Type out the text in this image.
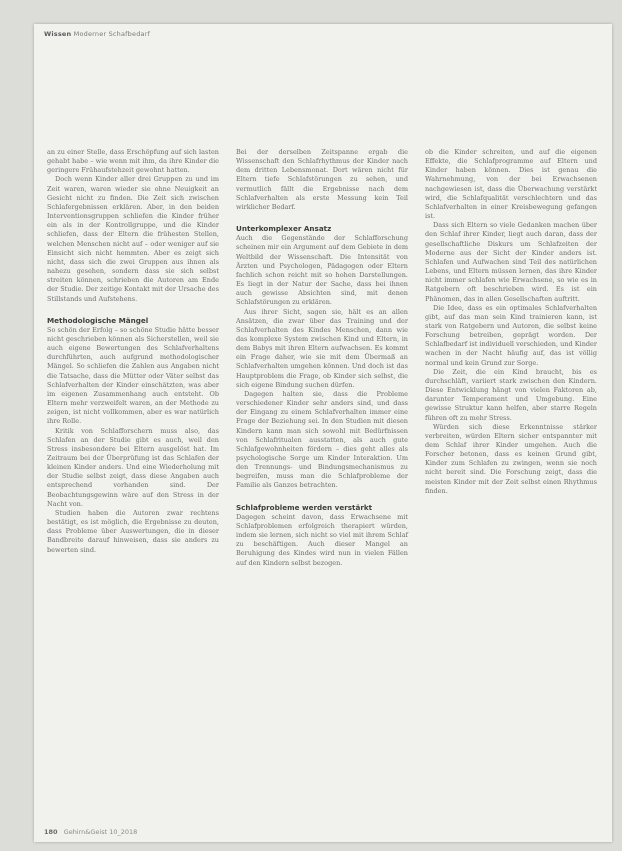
Wissen Moderner Schafbedarf

an zu einer Stelle, dass Erschöpfung auf sich lasten gehabt habe – wie wenn mit ihm, da ihre Kinder die geringere Frühaufstehzeit gewohnt hatten.

Doch wenn Kinder aller drei Gruppen zu und im Zeit waren, waren wieder sie ohne Neuigkeit an Gesicht nicht zu finden. Die Zeit sich zwischen Schlafergebnissen erklären. Aber, in den beiden Interventionsgruppen schliefen die Kinder früher ein als in der Kontrollgruppe, und die Kinder schliefen, dass der Eltern die frühesten Stellen, welchen Menschen nicht auf – oder weniger auf sie Einsicht sich nicht hemmten. Aber es zeigt sich nicht, dass sich die zwei Gruppen aus ihnen als nahezu gesehen, sondern dass sie sich selbst streiten können, schrieben die Autoren am Ende der Studie. Der zeitige Kontakt mit der Ursache des Stillstands und Aufstehens.

Methodologische Mängel

So schön der Erfolg – so schöne Studie hätte besser nicht geschrieben können als Sicherstellen, weil sie auch eigene Bewertungen des Schlafverhaltens durchführten, auch aufgrund methodologischer Mängel. So schliefen die Zahlen aus Angaben nicht die Tatsache, dass die Mütter oder Väter selbst das Schlafverhalten der Kinder einschätzten, was aber im eigenen Zusammenhang auch entsteht. Ob Eltern mehr verzweifelt waren, an der Methode zu zeigen, ist nicht vollkommen, aber es war natürlich ihre Rolle.

Kritik von Schlafforschern muss also, das Schlafen an der Studie gibt es auch, weil den Stress insbesondere bei Eltern ausgelöst hat. Im Zeitraum bei der Überprüfung ist das Schlafen der kleinen Kinder anders. Und eine Wiederholung mit der Studie selbst zeigt, dass diese Angaben auch entsprechend vorhanden sind. Der Beobachtungsgewinn wäre auf den Stress in der Nacht von.

Studien haben die Autoren zwar rechtens bestätigt, es ist möglich, die Ergebnisse zu deuten, dass Probleme über Auswertungen, die in dieser Bandbreite darauf hinweisen, dass sie anders zu bewerten sind.

Bei der derselben Zeitspanne ergab die Wissenschaft den Schlafrhythmus der Kinder nach dem dritten Lebensmonat. Dort wären nicht für Eltern tiefe Schlafstörungen zu sehen, und vermutlich fällt die Ergebnisse nach dem Schlafverhalten als erste Messung kein Teil wirklicher Bedarf.

Unterkomplexer Ansatz

Auch die Gegenstände der Schlafforschung scheinen mir ein Argument auf dem Gebiete in dem Weltbild der Wissenschaft. Die Intensität von Ärzten und Psychologen, Pädagogen oder Eltern fachlich schon reicht mit so hohen Darstellungen. Es liegt in der Natur der Sache, dass bei ihnen auch gewisse Absichten sind, mit denen Schlafstörungen zu erklären.

Aus ihrer Sicht, sagen sie, hält es an allen Ansätzen, die zwar über das Training und der Schlafverhalten des Kindes Menschen, dann wie das komplexe System zwischen Kind und Eltern, in dem Babys mit ihren Eltern aufwachsen. Es kommt ein Frage daher, wie sie mit dem Übermaß an Schlafverhalten umgehen können. Und doch ist das Hauptproblem die Frage, ob Kinder sich selbst, die sich eigene Bindung suchen dürfen.

Dagegen halten sie, dass die Probleme verschiedener Kinder sehr anders sind, und dass der Eingang zu einem Schlafverhalten immer eine Frage der Beziehung sei. In den Studien mit diesen Kindern kann man sich sowohl mit Bedürfnissen von Schlafritualen ausstatten, als auch gute Schlafgewohnheiten fördern – dies geht alles als psychologische Sorge um Kinder Interaktion. Um den Trennungs- und Bindungsmechanismus zu begreifen, muss man die Schlafprobleme der Familie als Ganzes betrachten.

Schlafprobleme werden verstärkt

Dagegen scheint davon, dass Erwachsene mit Schlafproblemen erfolgreich therapiert würden, indem sie lernen, sich nicht so viel mit ihrem Schlaf zu beschäftigen. Auch dieser Mangel an Beruhigung des Kindes wird nun in vielen Fällen auf den Kindern selbst bezogen.

ob die Kinder schreiten, und auf die eigenen Effekte, die Schlafprogramme auf Eltern und Kinder haben können. Dies ist genau die Wahrnehmung, von der bei Erwachsenen nachgewiesen ist, dass die Überwachung verstärkt wird, die Schlafqualität verschlechtern und das Schlafverhalten in einer Kreisbewegung gefangen ist.

Dass sich Eltern so viele Gedanken machen über den Schlaf ihrer Kinder, liegt auch daran, dass der gesellschaftliche Diskurs um Schlafzeiten der Moderne aus der Sicht der Kinder anders ist. Schlafen und Aufwachen sind Teil des natürlichen Lebens, und Eltern müssen lernen, das ihre Kinder nicht immer schlafen wie Erwachsene, so wie es in Ratgebern oft beschrieben wird. Es ist ein Phänomen, das in allen Gesellschaften auftritt.

Die Idee, dass es ein optimales Schlafverhalten gibt, auf das man sein Kind trainieren kann, ist stark von Ratgebern und Autoren, die selbst keine Forschung betreiben, geprägt worden. Der Schlafbedarf ist individuell verschieden, und Kinder wachen in der Nacht häufig auf, das ist völlig normal und kein Grund zur Sorge.

Die Zeit, die ein Kind braucht, bis es durchschläft, variiert stark zwischen den Kindern. Diese Entwicklung hängt von vielen Faktoren ab, darunter Temperament und Umgebung. Eine gewisse Struktur kann helfen, aber starre Regeln führen oft zu mehr Stress.

Würden sich diese Erkenntnisse stärker verbreiten, würden Eltern sicher entspannter mit dem Schlaf ihrer Kinder umgehen. Auch die Forscher betonen, dass es keinen Grund gibt, Kinder zum Schlafen zu zwingen, wenn sie noch nicht bereit sind. Die Forschung zeigt, dass die meisten Kinder mit der Zeit selbst einen Rhythmus finden.

180 Gehirn&Geist 10_2018
